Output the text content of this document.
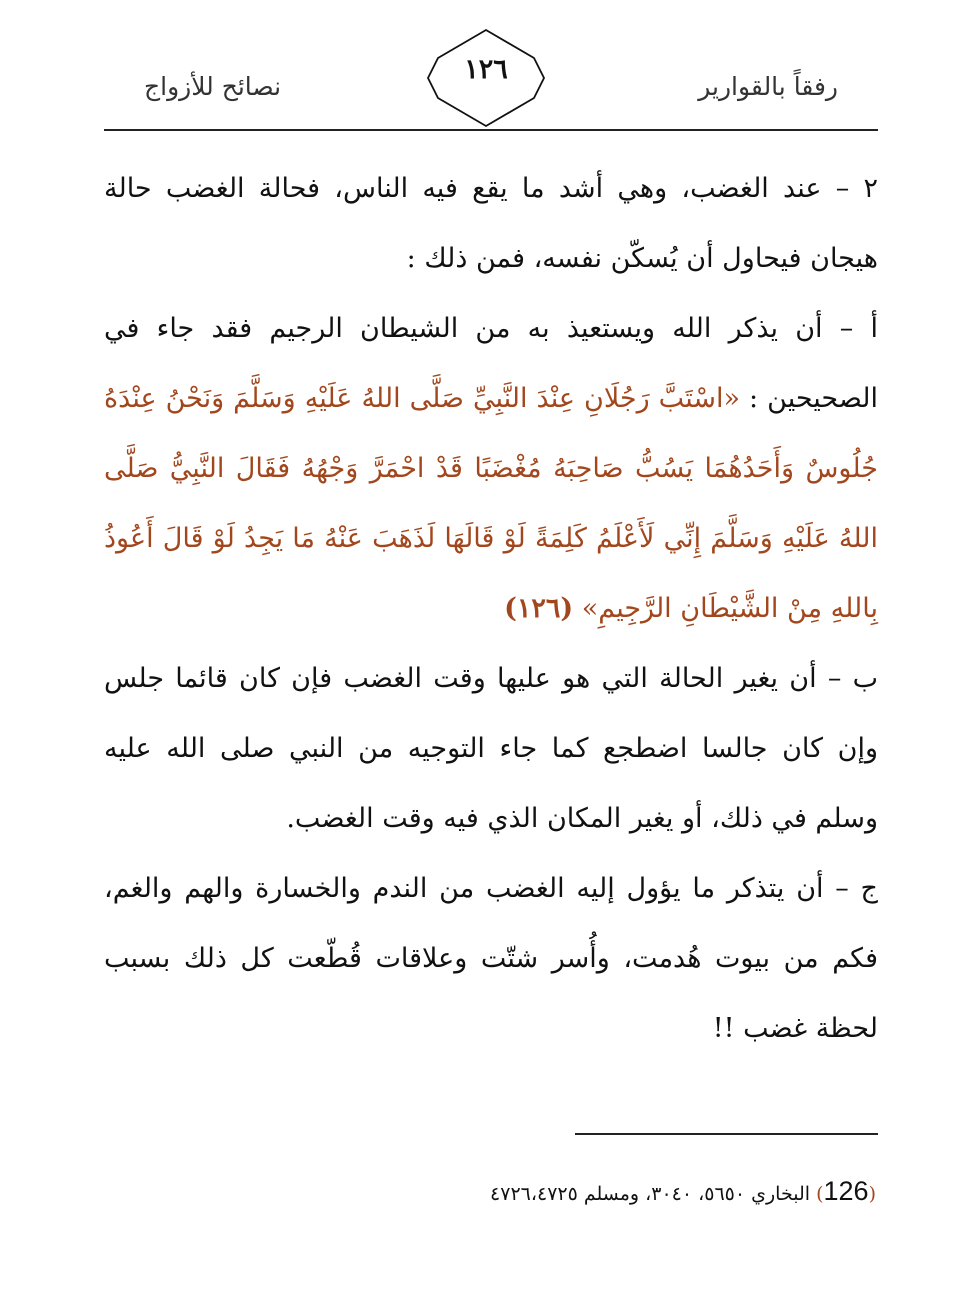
رفقاً بالقوارير
١٢٦
نصائح للأزواج

٢ – عند الغضب، وهي أشد ما يقع فيه الناس، فحالة الغضب حالة هيجان فيحاول أن يُسكّن نفسه، فمن ذلك :

أ – أن يذكر الله ويستعيذ به من الشيطان الرجيم فقد جاء في الصحيحين : «اسْتَبَّ رَجُلَانِ عِنْدَ النَّبِيِّ صَلَّى اللهُ عَلَيْهِ وَسَلَّمَ وَنَحْنُ عِنْدَهُ جُلُوسٌ وَأَحَدُهُمَا يَسُبُّ صَاحِبَهُ مُغْضَبًا قَدْ احْمَرَّ وَجْهُهُ فَقَالَ النَّبِيُّ صَلَّى اللهُ عَلَيْهِ وَسَلَّمَ إِنِّي لَأَعْلَمُ كَلِمَةً لَوْ قَالَهَا لَذَهَبَ عَنْهُ مَا يَجِدُ لَوْ قَالَ أَعُوذُ بِاللهِ مِنْ الشَّيْطَانِ الرَّجِيمِ» (١٢٦)

ب – أن يغير الحالة التي هو عليها وقت الغضب فإن كان قائما جلس وإن كان جالسا اضطجع كما جاء التوجيه من النبي صلى الله عليه وسلم في ذلك، أو يغير المكان الذي فيه وقت الغضب.

ج – أن يتذكر ما يؤول إليه الغضب من الندم والخسارة والهم والغم، فكم من بيوت هُدمت، وأُسر شتّت وعلاقات قُطّعت كل ذلك بسبب لحظة غضب !!

(126) البخاري ٥٦٥٠، ٣٠٤٠، ومسلم ٤٧٢٦،٤٧٢٥
